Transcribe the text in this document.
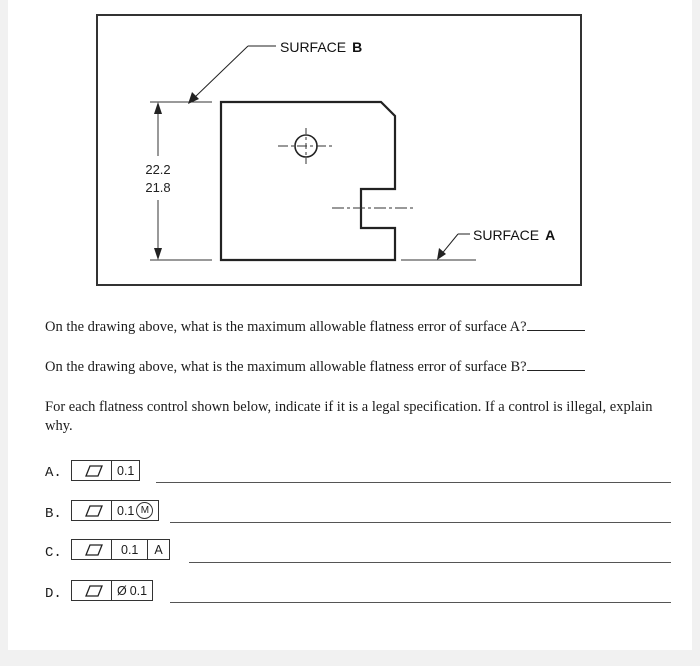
22.2
21.8
SURFACE B
SURFACE A
On the drawing above, what is the maximum allowable flatness error of surface A?
On the drawing above, what is the maximum allowable flatness error of surface B?
For each flatness control shown below, indicate if it is a legal specification. If a control is illegal, explain why.
A.	0.1
B.	0.1 M
C.	0.1 A
D.	Ø 0.1
